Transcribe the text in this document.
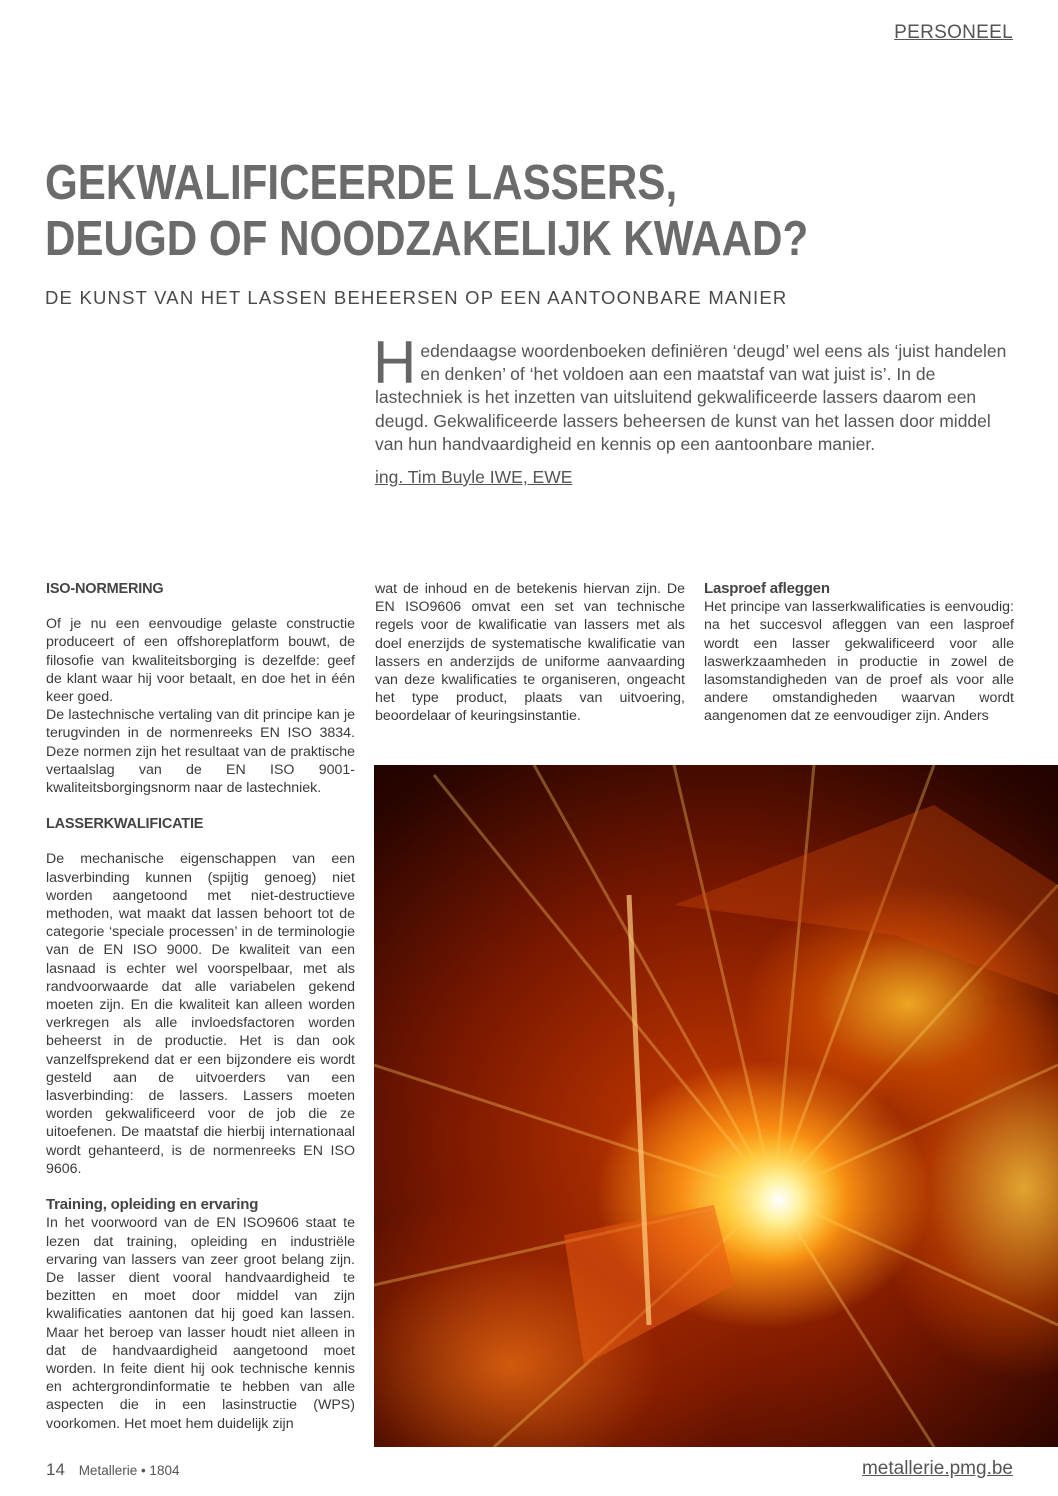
PERSONEEL
GEKWALIFICEERDE LASSERS,
DEUGD OF NOODZAKELIJK KWAAD?
DE KUNST VAN HET LASSEN BEHEERSEN OP EEN AANTOONBARE MANIER
H edendaagse woordenboeken definiëren ‘deugd’ wel eens als ‘juist handelen en denken’ of ‘het voldoen aan een maatstaf van wat juist is’. In de lastechniek is het inzetten van uitsluitend gekwalificeerde lassers daarom een deugd. Gekwalificeerde lassers beheersen de kunst van het lassen door middel van hun handvaardigheid en kennis op een aantoonbare manier.

ing. Tim Buyle IWE, EWE
ISO-NORMERING

Of je nu een eenvoudige gelaste constructie produceert of een offshoreplatform bouwt, de filosofie van kwaliteitsborging is dezelfde: geef de klant waar hij voor betaalt, en doe het in één keer goed.

De lastechnische vertaling van dit principe kan je terugvinden in de normenreeks EN ISO 3834. Deze normen zijn het resultaat van de praktische vertaalslag van de EN ISO 9001-kwaliteitsborgingsnorm naar de lastechniek.

LASSERKWALIFICATIE

De mechanische eigenschappen van een lasverbinding kunnen (spijtig genoeg) niet worden aangetoond met niet-destructieve methoden, wat maakt dat lassen behoort tot de categorie ‘speciale processen’ in de terminologie van de EN ISO 9000. De kwaliteit van een lasnaad is echter wel voorspelbaar, met als randvoorwaarde dat alle variabelen gekend moeten zijn. En die kwaliteit kan alleen worden verkregen als alle invloedsfactoren worden beheerst in de productie. Het is dan ook vanzelfsprekend dat er een bijzondere eis wordt gesteld aan de uitvoerders van een lasverbinding: de lassers. Lassers moeten worden gekwalificeerd voor de job die ze uitoefenen. De maatstaf die hierbij internationaal wordt gehanteerd, is de normenreeks EN ISO 9606.

Training, opleiding en ervaring

In het voorwoord van de EN ISO9606 staat te lezen dat training, opleiding en industriële ervaring van lassers van zeer groot belang zijn. De lasser dient vooral handvaardigheid te bezitten en moet door middel van zijn kwalificaties aantonen dat hij goed kan lassen. Maar het beroep van lasser houdt niet alleen in dat de handvaardigheid aangetoond moet worden. In feite dient hij ook technische kennis en achtergrondinformatie te hebben van alle aspecten die in een lasinstructie (WPS) voorkomen. Het moet hem duidelijk zijn

wat de inhoud en de betekenis hiervan zijn. De EN ISO9606 omvat een set van technische regels voor de kwalificatie van lassers met als doel enerzijds de systematische kwalificatie van lassers en anderzijds de uniforme aanvaarding van deze kwalificaties te organiseren, ongeacht het type product, plaats van uitvoering, beoordelaar of keuringsinstantie.

Lasproef afleggen

Het principe van lasserkwalificaties is eenvoudig: na het succesvol afleggen van een lasproef wordt een lasser gekwalificeerd voor alle laswerkzaamheden in productie in zowel de lasomstandigheden van de proef als voor alle andere omstandigheden waarvan wordt aangenomen dat ze eenvoudiger zijn. Anders

14 Metallerie • 1804	metallerie.pmg.be
